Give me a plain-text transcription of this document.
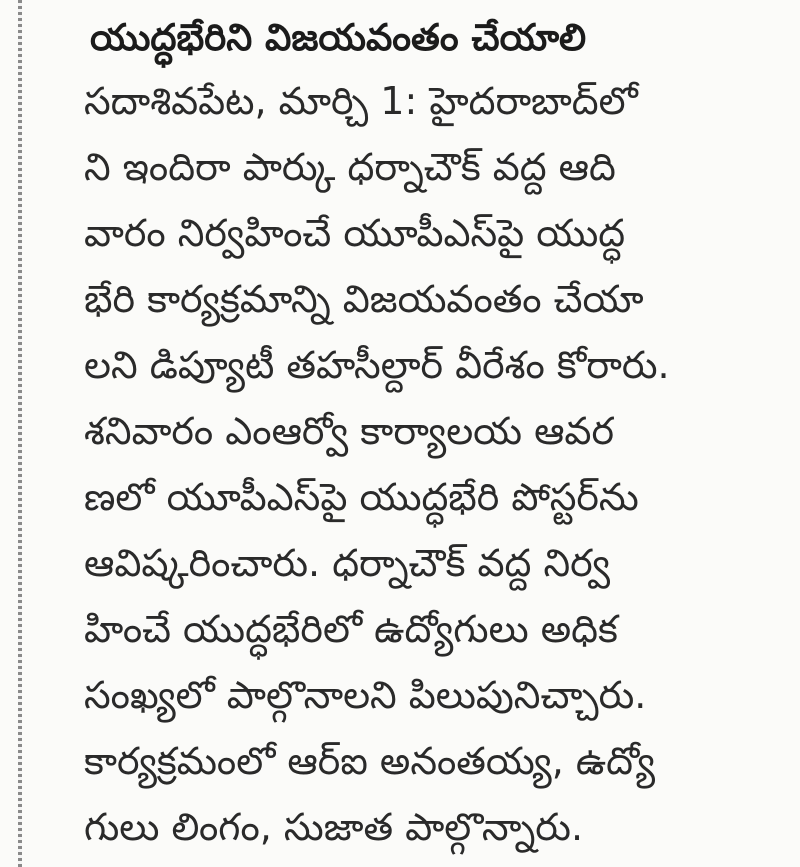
యుద్ధభేరిని విజయవంతం చేయాలి
సదాశివపేట, మార్చి 1: హైదరాబాద్‌లో
ని ఇందిరా పార్కు ధర్నాచౌక్ వద్ద ఆది
వారం నిర్వహించే యూపీఎస్‌పై యుద్ధ
భేరి కార్యక్రమాన్ని విజయవంతం చేయా
లని డిప్యూటీ తహసీల్దార్ వీరేశం కోరారు.
శనివారం ఎంఆర్వో కార్యాలయ ఆవర
ణలో యూపీఎస్‌పై యుద్ధభేరి పోస్టర్‌ను
ఆవిష్కరించారు. ధర్నాచౌక్ వద్ద నిర్వ
హించే యుద్ధభేరిలో ఉద్యోగులు అధిక
సంఖ్యలో పాల్గొనాలని పిలుపునిచ్చారు.
కార్యక్రమంలో ఆర్ఐ అనంతయ్య, ఉద్యో
గులు లింగం, సుజాత పాల్గొన్నారు.
